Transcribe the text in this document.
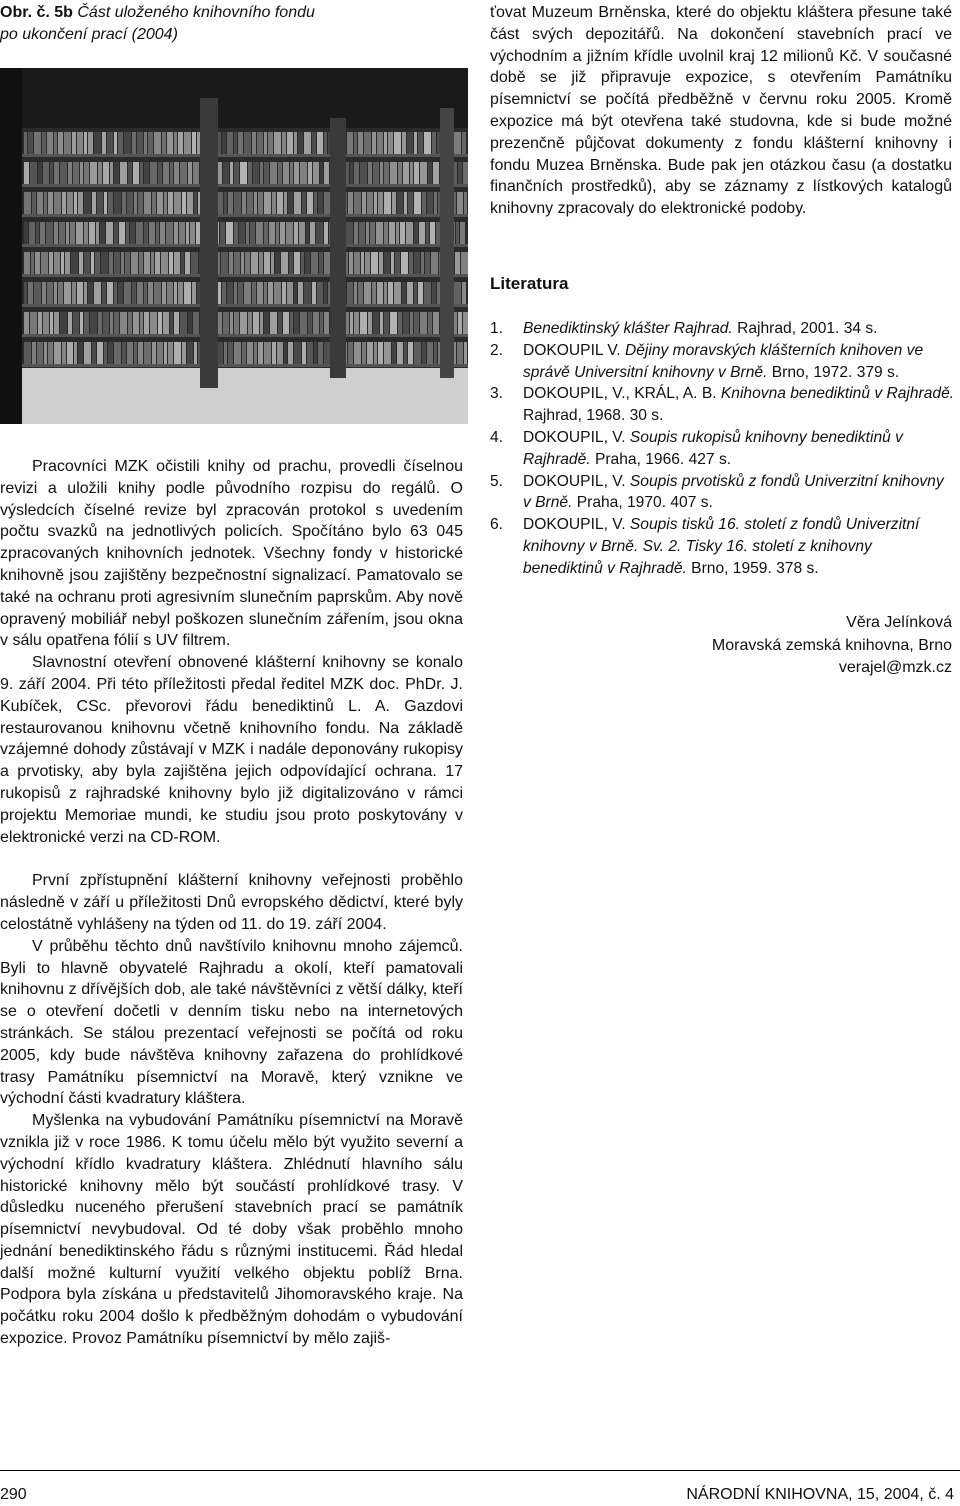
Obr. č. 5b Část uloženého knihovního fondu
po ukončení prací (2004)

Pracovníci MZK očistili knihy od prachu, provedli číselnou revizi a uložili knihy podle původního rozpisu do regálů. O výsledcích číselné revize byl zpracován protokol s uvedením počtu svazků na jednotlivých policích. Spočítáno bylo 63 045 zpracovaných knihovních jednotek. Všechny fondy v historické knihovně jsou zajištěny bezpečnostní signalizací. Pamatovalo se také na ochranu proti agresivním slunečním paprskům. Aby nově opravený mobiliář nebyl poškozen slunečním zářením, jsou okna v sálu opatřena fólií s UV filtrem.

Slavnostní otevření obnovené klášterní knihovny se konalo 9. září 2004. Při této příležitosti předal ředitel MZK doc. PhDr. J. Kubíček, CSc. převorovi řádu benediktinů L. A. Gazdovi restaurovanou knihovnu včetně knihovního fondu. Na základě vzájemné dohody zůstávají v MZK i nadále deponovány rukopisy a prvotisky, aby byla zajištěna jejich odpovídající ochrana. 17 rukopisů z rajhradské knihovny bylo již digitalizováno v rámci projektu Memoriae mundi, ke studiu jsou proto poskytovány v elektronické verzi na CD-ROM.

První zpřístupnění klášterní knihovny veřejnosti proběhlo následně v září u příležitosti Dnů evropského dědictví, které byly celostátně vyhlášeny na týden od 11. do 19. září 2004.

V průběhu těchto dnů navštívilo knihovnu mnoho zájemců. Byli to hlavně obyvatelé Rajhradu a okolí, kteří pamatovali knihovnu z dřívějších dob, ale také návštěvníci z větší dálky, kteří se o otevření dočetli v denním tisku nebo na internetových stránkách. Se stálou prezentací veřejnosti se počítá od roku 2005, kdy bude návštěva knihovny zařazena do prohlídkové trasy Památníku písemnictví na Moravě, který vznikne ve východní části kvadratury kláštera.

Myšlenka na vybudování Památníku písemnictví na Moravě vznikla již v roce 1986. K tomu účelu mělo být využito severní a východní křídlo kvadratury kláštera. Zhlédnutí hlavního sálu historické knihovny mělo být součástí prohlídkové trasy. V důsledku nuceného přerušení stavebních prací se památník písemnictví nevybudoval. Od té doby však proběhlo mnoho jednání benediktinského řádu s různými institucemi. Řád hledal další možné kulturní využití velkého objektu poblíž Brna. Podpora byla získána u představitelů Jihomoravského kraje. Na počátku roku 2004 došlo k předběžným dohodám o vybudování expozice. Provoz Památníku písemnictví by mělo zajiš-

ťovat Muzeum Brněnska, které do objektu kláštera přesune také část svých depozitářů. Na dokončení stavebních prací ve východním a jižním křídle uvolnil kraj 12 milionů Kč. V současné době se již připravuje expozice, s otevřením Památníku písemnictví se počítá předběžně v červnu roku 2005. Kromě expozice má být otevřena také studovna, kde si bude možné prezenčně půjčovat dokumenty z fondu klášterní knihovny i fondu Muzea Brněnska. Bude pak jen otázkou času (a dostatku finančních prostředků), aby se záznamy z lístkových katalogů knihovny zpracovaly do elektronické podoby.

Literatura
1. Benediktinský klášter Rajhrad. Rajhrad, 2001. 34 s.
2. DOKOUPIL V. Dějiny moravských klášterních knihoven ve správě Universitní knihovny v Brně. Brno, 1972. 379 s.
3. DOKOUPIL, V., KRÁL, A. B. Knihovna benediktinů v Rajhradě. Rajhrad, 1968. 30 s.
4. DOKOUPIL, V. Soupis rukopisů knihovny benediktinů v Rajhradě. Praha, 1966. 427 s.
5. DOKOUPIL, V. Soupis prvotisků z fondů Univerzitní knihovny v Brně. Praha, 1970. 407 s.
6. DOKOUPIL, V. Soupis tisků 16. století z fondů Univerzitní knihovny v Brně. Sv. 2. Tisky 16. století z knihovny benediktinů v Rajhradě. Brno, 1959. 378 s.
Věra Jelínková
Moravská zemská knihovna, Brno
verajel@mzk.cz
290	NÁRODNÍ KNIHOVNA, 15, 2004, č. 4
